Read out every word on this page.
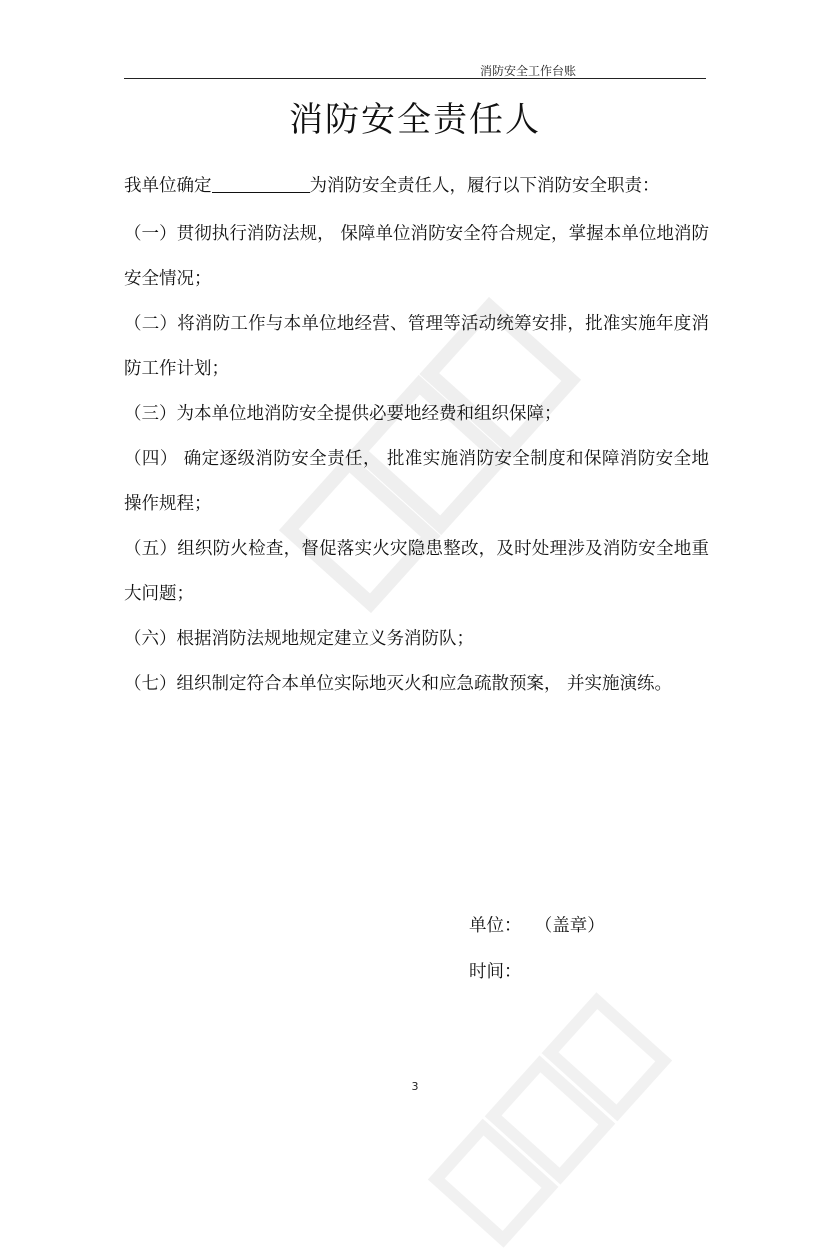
消防安全工作台账
消防安全责任人
我单位确定	为消防安全责任人，履行以下消防安全职责：

（一）贯彻执行消防法规， 保障单位消防安全符合规定，掌握本单位地消防安全情况；

（二）将消防工作与本单位地经营、管理等活动统筹安排，批准实施年度消防工作计划；

（三）为本单位地消防安全提供必要地经费和组织保障；

（四） 确定逐级消防安全责任， 批准实施消防安全制度和保障消防安全地操作规程；

（五）组织防火检查，督促落实火灾隐患整改，及时处理涉及消防安全地重大问题；

（六）根据消防法规地规定建立义务消防队；

（七）组织制定符合本单位实际地灭火和应急疏散预案， 并实施演练。

单位： （盖章）
时间：
3
